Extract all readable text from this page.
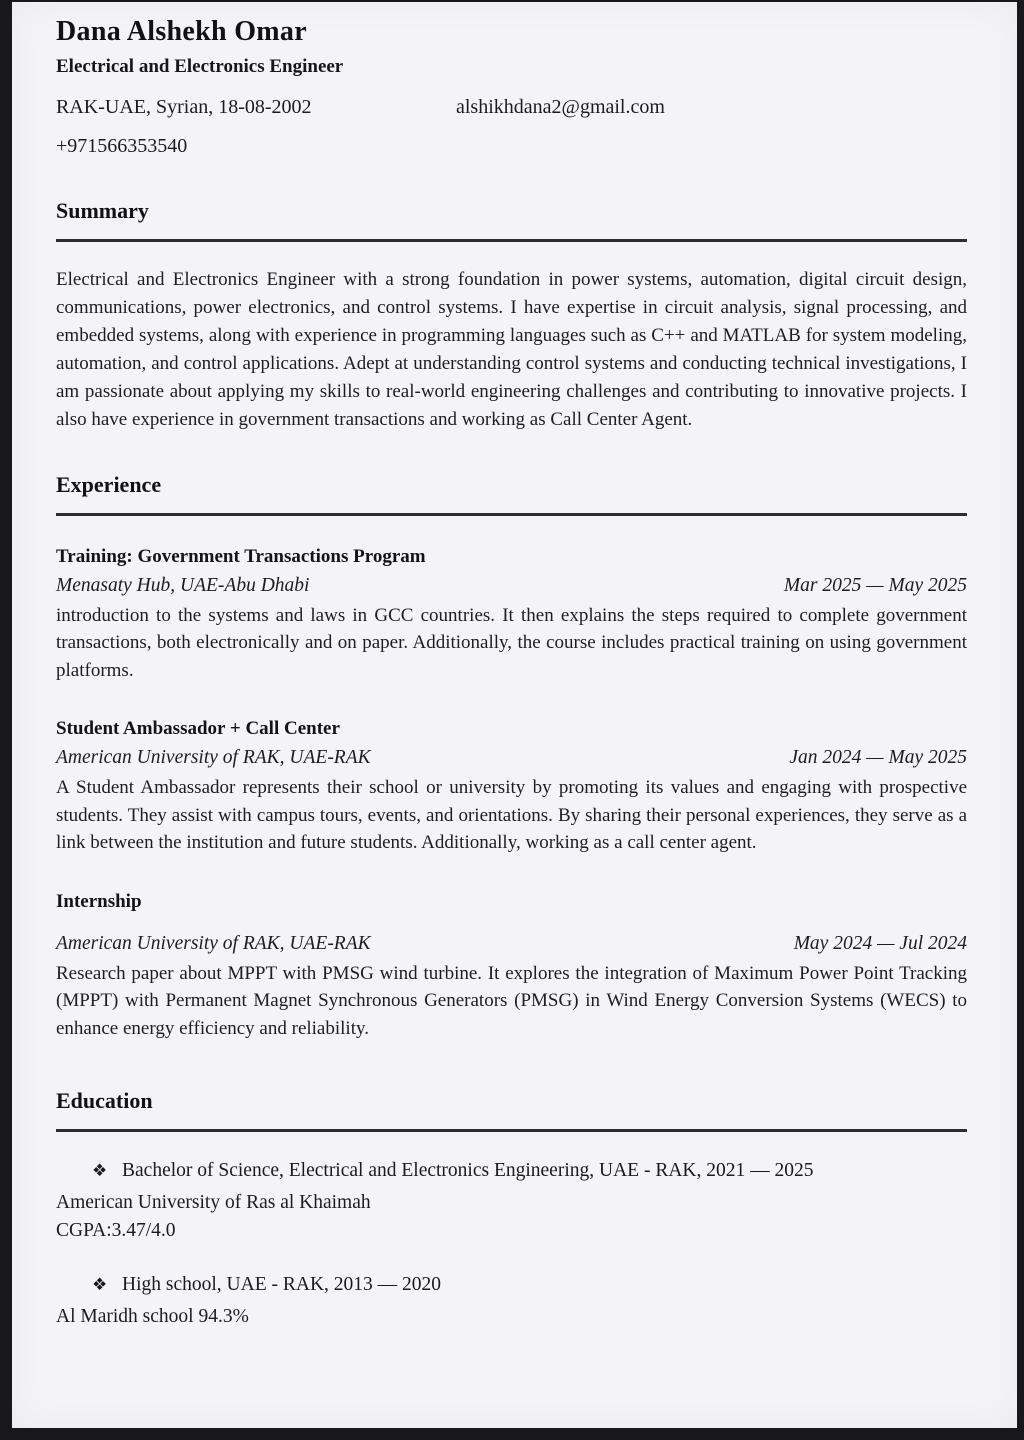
Dana Alshekh Omar
Electrical and Electronics Engineer
RAK-UAE, Syrian, 18-08-2002	alshikhdana2@gmail.com
+971566353540
Summary

Electrical and Electronics Engineer with a strong foundation in power systems, automation, digital circuit design, communications, power electronics, and control systems. I have expertise in circuit analysis, signal processing, and embedded systems, along with experience in programming languages such as C++ and MATLAB for system modeling, automation, and control applications. Adept at understanding control systems and conducting technical investigations, I am passionate about applying my skills to real-world engineering challenges and contributing to innovative projects. I also have experience in government transactions and working as Call Center Agent.

Experience
Training: Government Transactions Program
Menasaty Hub, UAE-Abu Dhabi	Mar 2025 — May 2025

introduction to the systems and laws in GCC countries. It then explains the steps required to complete government transactions, both electronically and on paper. Additionally, the course includes practical training on using government platforms.

Student Ambassador + Call Center
American University of RAK, UAE-RAK	Jan 2024 — May 2025

A Student Ambassador represents their school or university by promoting its values and engaging with prospective students. They assist with campus tours, events, and orientations. By sharing their personal experiences, they serve as a link between the institution and future students. Additionally, working as a call center agent.

Internship
American University of RAK, UAE-RAK	May 2024 — Jul 2024

Research paper about MPPT with PMSG wind turbine. It explores the integration of Maximum Power Point Tracking (MPPT) with Permanent Magnet Synchronous Generators (PMSG) in Wind Energy Conversion Systems (WECS) to enhance energy efficiency and reliability.

Education
❖ Bachelor of Science, Electrical and Electronics Engineering, UAE - RAK, 2021 — 2025
American University of Ras al Khaimah
CGPA:3.47/4.0
❖ High school, UAE - RAK, 2013 — 2020
Al Maridh school 94.3%
